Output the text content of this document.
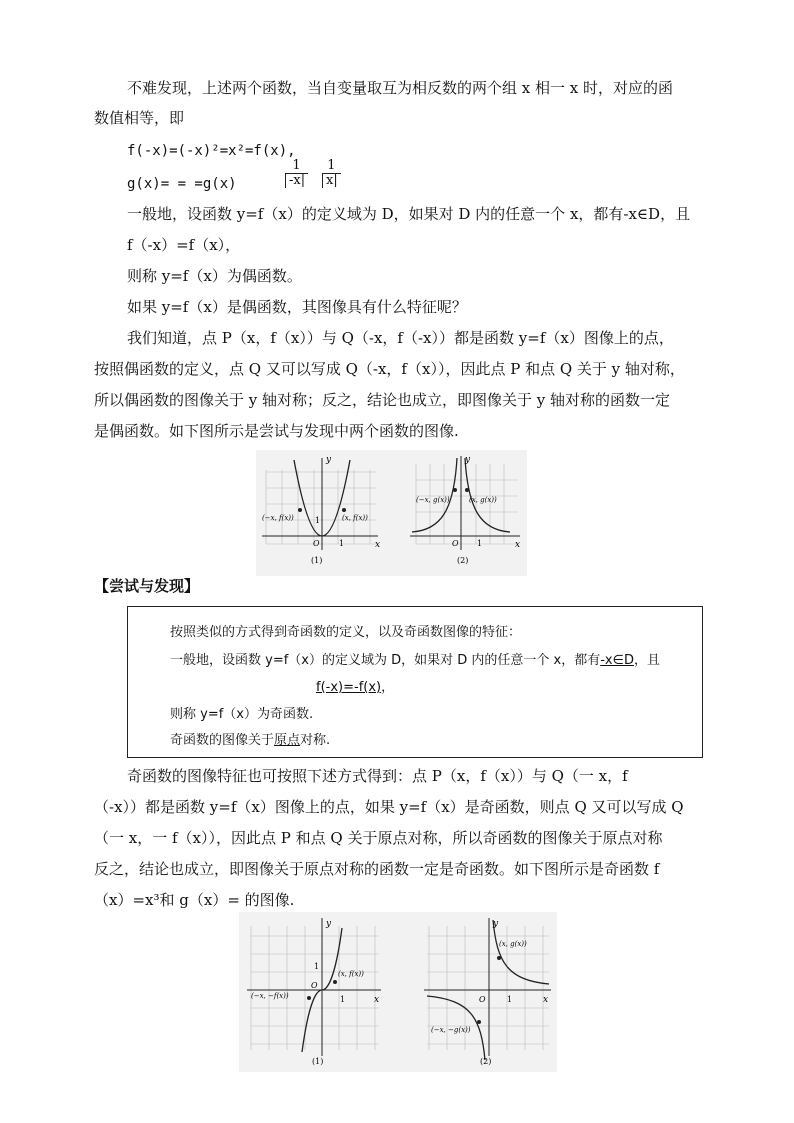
不难发现，上述两个函数，当自变量取互为相反数的两个组 x 相一 x 时，对应的函
数值相等，即
f(-x)=(-x)²=x²=f(x),
g(x)= = =g(x)	$\frac{1}{-x|} \frac{1}{x|}$
一般地，设函数 y=f（x）的定义域为 D，如果对 D 内的任意一个 x，都有-x∈D，且
f（-x）=f（x），
则称 y=f（x）为偶函数。
如果 y=f（x）是偶函数，其图像具有什么特征呢？
我们知道，点 P（x，f（x））与 Q（-x，f（-x））都是函数 y=f（x）图像上的点，
按照偶函数的定义，点 Q 又可以写成 Q（-x，f（x）），因此点 P 和点 Q 关于 y 轴对称，
所以偶函数的图像关于 y 轴对称；反之，结论也成立，即图像关于 y 轴对称的函数一定
是偶函数。如下图所示是尝试与发现中两个函数的图像.
y
x
O
1
1
(−x, f(x))	(x, f(x))
(1)
y
x
O 1
(−x, g(x))	(x, g(x))
(2)
【尝试与发现】
按照类似的方式得到奇函数的定义，以及奇函数图像的特征：
一般地，设函数 y=f（x）的定义域为 D，如果对 D 内的任意一个 x，都有-x∈D，且
f(-x)=-f(x)，
则称 y=f（x）为奇函数.
奇函数的图像关于原点对称.
奇函数的图像特征也可按照下述方式得到：点 P（x，f（x））与 Q（一 x，f
（-x））都是函数 y=f（x）图像上的点，如果 y=f（x）是奇函数，则点 Q 又可以写成 Q
（一 x，一 f（x）），因此点 P 和点 Q 关于原点对称，所以奇函数的图像关于原点对称
反之，结论也成立，即图像关于原点对称的函数一定是奇函数。如下图所示是奇函数 f
（x）=x³和 g（x）= 的图像.
y
x
O
1
1
(x, f(x))
(−x, −f(x))
(1)
y
x
O	1
(x, g(x))
(−x, −g(x))
(2)
